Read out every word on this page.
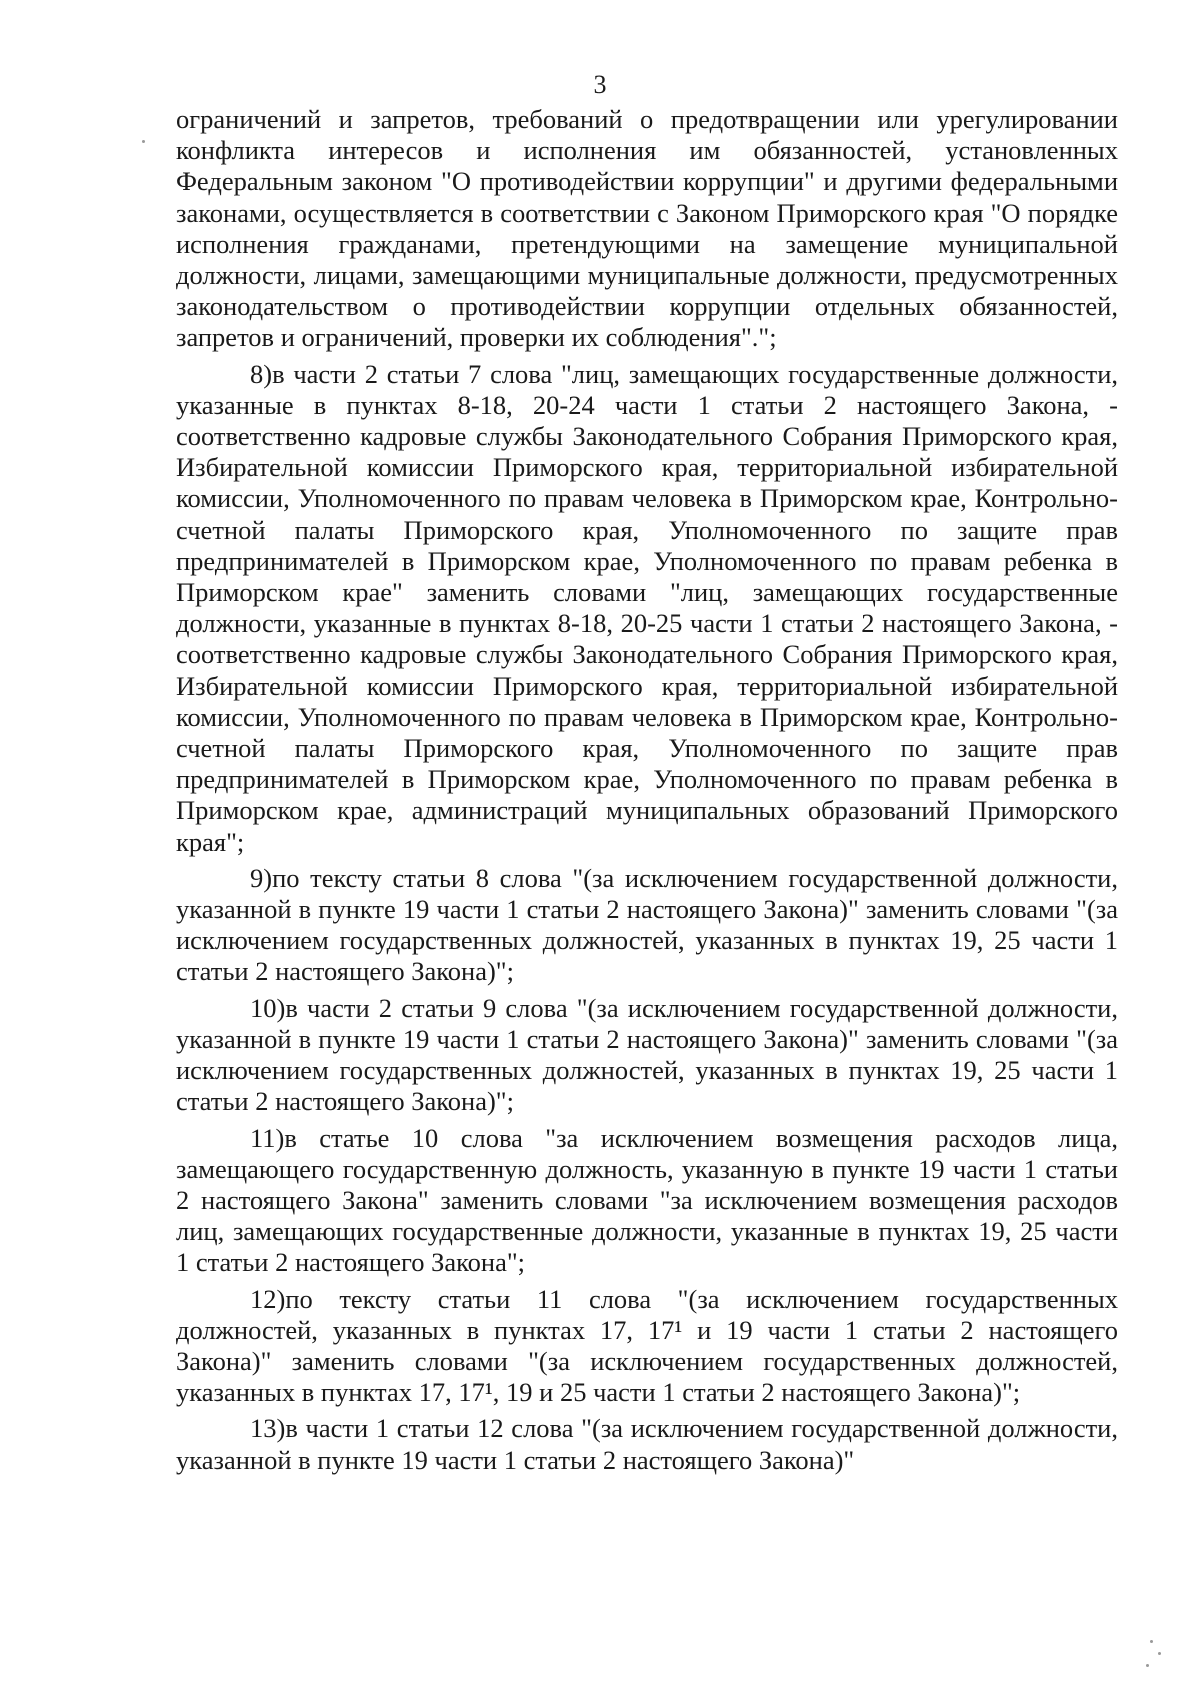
3

ограничений и запретов, требований о предотвращении или урегулировании конфликта интересов и исполнения им обязанностей, установленных Федеральным законом "О противодействии коррупции" и другими федеральными законами, осуществляется в соответствии с Законом Приморского края "О порядке исполнения гражданами, претендующими на замещение муниципальной должности, лицами, замещающими муниципальные должности, предусмотренных законодательством о противодействии коррупции отдельных обязанностей, запретов и ограничений, проверки их соблюдения".";

8)в части 2 статьи 7 слова "лиц, замещающих государственные должности, указанные в пунктах 8-18, 20-24 части 1 статьи 2 настоящего Закона, - соответственно кадровые службы Законодательного Собрания Приморского края, Избирательной комиссии Приморского края, территориальной избирательной комиссии, Уполномоченного по правам человека в Приморском крае, Контрольно-счетной палаты Приморского края, Уполномоченного по защите прав предпринимателей в Приморском крае, Уполномоченного по правам ребенка в Приморском крае" заменить словами "лиц, замещающих государственные должности, указанные в пунктах 8-18, 20-25 части 1 статьи 2 настоящего Закона, - соответственно кадровые службы Законодательного Собрания Приморского края, Избирательной комиссии Приморского края, территориальной избирательной комиссии, Уполномоченного по правам человека в Приморском крае, Контрольно-счетной палаты Приморского края, Уполномоченного по защите прав предпринимателей в Приморском крае, Уполномоченного по правам ребенка в Приморском крае, администраций муниципальных образований Приморского края";

9)по тексту статьи 8 слова "(за исключением государственной должности, указанной в пункте 19 части 1 статьи 2 настоящего Закона)" заменить словами "(за исключением государственных должностей, указанных в пунктах 19, 25 части 1 статьи 2 настоящего Закона)";

10)в части 2 статьи 9 слова "(за исключением государственной должности, указанной в пункте 19 части 1 статьи 2 настоящего Закона)" заменить словами "(за исключением государственных должностей, указанных в пунктах 19, 25 части 1 статьи 2 настоящего Закона)";

11)в статье 10 слова "за исключением возмещения расходов лица, замещающего государственную должность, указанную в пункте 19 части 1 статьи 2 настоящего Закона" заменить словами "за исключением возмещения расходов лиц, замещающих государственные должности, указанные в пунктах 19, 25 части 1 статьи 2 настоящего Закона";

12)по тексту статьи 11 слова "(за исключением государственных должностей, указанных в пунктах 17, 17¹ и 19 части 1 статьи 2 настоящего Закона)" заменить словами "(за исключением государственных должностей, указанных в пунктах 17, 17¹, 19 и 25 части 1 статьи 2 настоящего Закона)";

13)в части 1 статьи 12 слова "(за исключением государственной должности, указанной в пункте 19 части 1 статьи 2 настоящего Закона)"
